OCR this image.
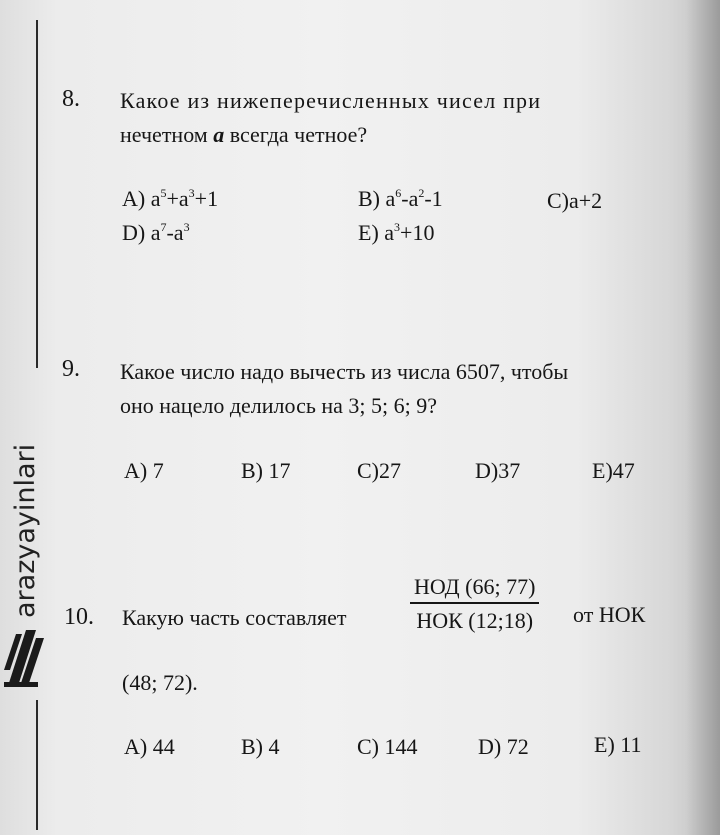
arazyayinlari
8. Какое из нижеперечисленных чисел при
нечетном a всегда четное?
A) $a^5+a^3+1$	B) $a^6-a^2-1$	C)a+2
D) $a^7-a^3$	E) $a^3+10$
9. Какое число надо вычесть из числа 6507, чтобы
оно нацело делилось на 3; 5; 6; 9?
A) 7	B) 17	C)27	D)37	E)47
10. Какую часть составляет
НОД (66; 77)
НОК (12;18) от НОК
(48; 72).
A) 44	B) 4	C) 144	D) 72	E) 11
